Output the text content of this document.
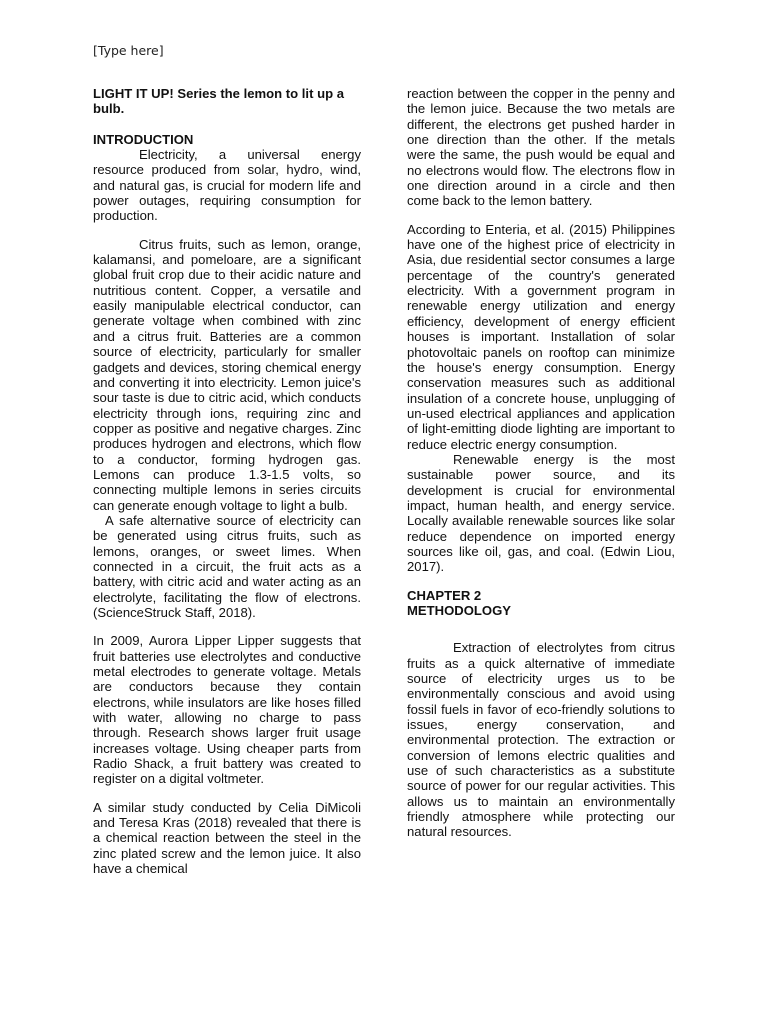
[Type here]
LIGHT IT UP! Series the lemon to lit up a bulb.
INTRODUCTION

Electricity, a universal energy resource produced from solar, hydro, wind, and natural gas, is crucial for modern life and power outages, requiring consumption for production.

Citrus fruits, such as lemon, orange, kalamansi, and pomeloare, are a significant global fruit crop due to their acidic nature and nutritious content. Copper, a versatile and easily manipulable electrical conductor, can generate voltage when combined with zinc and a citrus fruit. Batteries are a common source of electricity, particularly for smaller gadgets and devices, storing chemical energy and converting it into electricity. Lemon juice's sour taste is due to citric acid, which conducts electricity through ions, requiring zinc and copper as positive and negative charges. Zinc produces hydrogen and electrons, which flow to a conductor, forming hydrogen gas. Lemons can produce 1.3-1.5 volts, so connecting multiple lemons in series circuits can generate enough voltage to light a bulb.

A safe alternative source of electricity can be generated using citrus fruits, such as lemons, oranges, or sweet limes. When connected in a circuit, the fruit acts as a battery, with citric acid and water acting as an electrolyte, facilitating the flow of electrons. (ScienceStruck Staff, 2018).

In 2009, Aurora Lipper Lipper suggests that fruit batteries use electrolytes and conductive metal electrodes to generate voltage. Metals are conductors because they contain electrons, while insulators are like hoses filled with water, allowing no charge to pass through. Research shows larger fruit usage increases voltage. Using cheaper parts from Radio Shack, a fruit battery was created to register on a digital voltmeter.

A similar study conducted by Celia DiMicoli and Teresa Kras (2018) revealed that there is a chemical reaction between the steel in the zinc plated screw and the lemon juice. It also have a chemical

reaction between the copper in the penny and the lemon juice. Because the two metals are different, the electrons get pushed harder in one direction than the other. If the metals were the same, the push would be equal and no electrons would flow. The electrons flow in one direction around in a circle and then come back to the lemon battery.

According to Enteria, et al. (2015) Philippines have one of the highest price of electricity in Asia, due residential sector consumes a large percentage of the country's generated electricity. With a government program in renewable energy utilization and energy efficiency, development of energy efficient houses is important. Installation of solar photovoltaic panels on rooftop can minimize the house's energy consumption. Energy conservation measures such as additional insulation of a concrete house, unplugging of un-used electrical appliances and application of light-emitting diode lighting are important to reduce electric energy consumption.

Renewable energy is the most sustainable power source, and its development is crucial for environmental impact, human health, and energy service. Locally available renewable sources like solar reduce dependence on imported energy sources like oil, gas, and coal. (Edwin Liou, 2017).

CHAPTER 2
METHODOLOGY

Extraction of electrolytes from citrus fruits as a quick alternative of immediate source of electricity urges us to be environmentally conscious and avoid using fossil fuels in favor of eco-friendly solutions to issues, energy conservation, and environmental protection. The extraction or conversion of lemons electric qualities and use of such characteristics as a substitute source of power for our regular activities. This allows us to maintain an environmentally friendly atmosphere while protecting our natural resources.
